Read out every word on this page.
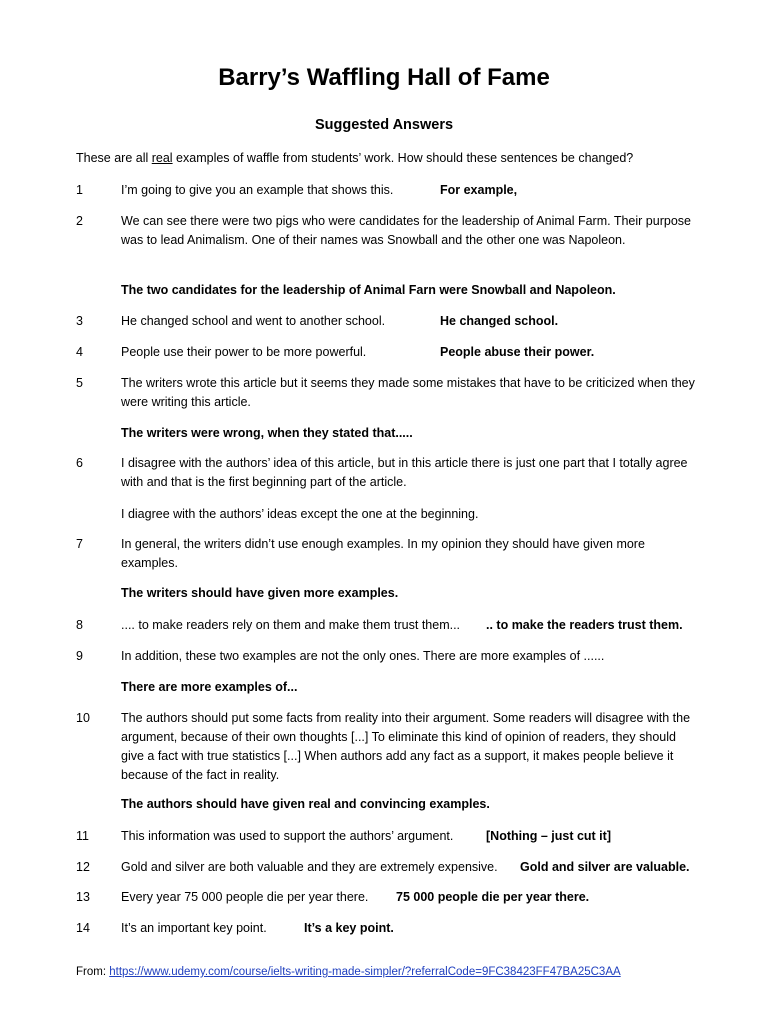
Barry’s Waffling Hall of Fame
Suggested Answers
These are all real examples of waffle from students’ work. How should these sentences be changed?
1	I’m going to give you an example that shows this.	For example,
2	We can see there were two pigs who were candidates for the leadership of Animal Farm. Their purpose was to lead Animalism. One of their names was Snowball and the other one was Napoleon.
The two candidates for the leadership of Animal Farn were Snowball and Napoleon.
3	He changed school and went to another school.	He changed school.
4	People use their power to be more powerful.	People abuse their power.
5	The writers wrote this article but it seems they made some mistakes that have to be criticized when they were writing this article.
The writers were wrong, when they stated that.....
6	I disagree with the authors’ idea of this article, but in this article there is just one part that I totally agree with and that is the first beginning part of the article.
I diagree with the authors’ ideas except the one at the beginning.
7	In general, the writers didn’t use enough examples. In my opinion they should have given more examples.
The writers should have given more examples.
8	.... to make readers rely on them and make them trust them...	.. to make the readers trust them.
9	In addition, these two examples are not the only ones. There are more examples of ......
There are more examples of...
10 The authors should put some facts from reality into their argument. Some readers will disagree with the argument, because of their own thoughts [...] To eliminate this kind of opinion of readers, they should give a fact with true statistics [...] When authors add any fact as a support, it makes people believe it because of the fact in reality.
The authors should have given real and convincing examples.
11	This information was used to support the authors’ argument.	[Nothing – just cut it]
12 Gold and silver are both valuable and they are extremely expensive.	Gold and silver are valuable.
13 Every year 75 000 people die per year there.	75 000 people die per year there.
14 It’s an important key point.	It’s a key point.
From: https://www.udemy.com/course/ielts-writing-made-simpler/?referralCode=9FC38423FF47BA25C3AA
